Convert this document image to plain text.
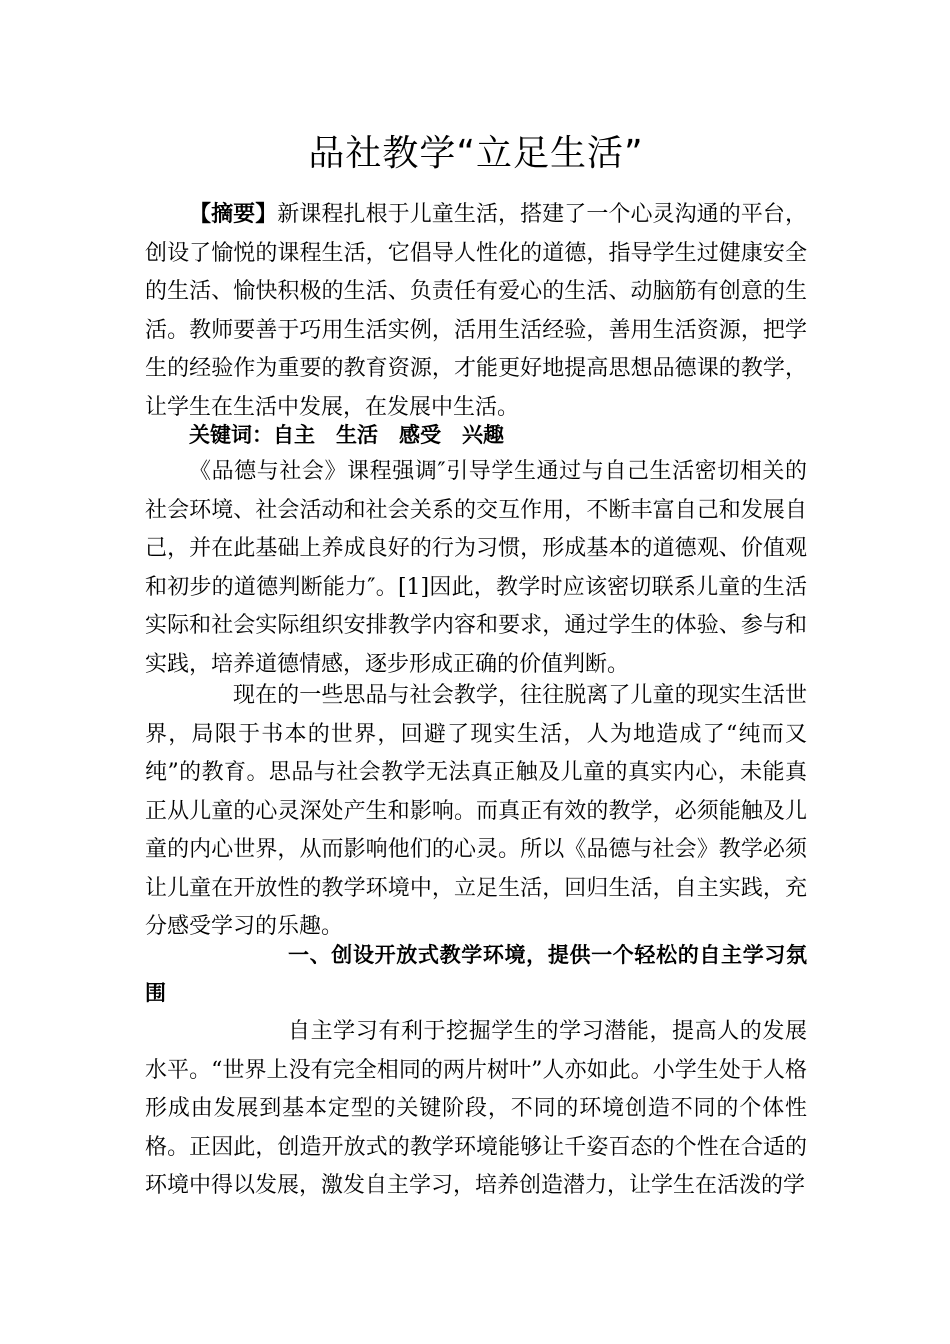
品社教学“立足生活”

【摘要】新课程扎根于儿童生活，搭建了一个心灵沟通的平台，创设了愉悦的课程生活，它倡导人性化的道德，指导学生过健康安全的生活、愉快积极的生活、负责任有爱心的生活、动脑筋有创意的生活。教师要善于巧用生活实例，活用生活经验，善用生活资源，把学生的经验作为重要的教育资源，才能更好地提高思想品德课的教学，让学生在生活中发展，在发展中生活。

关键词：自主　生活　感受　兴趣

《品德与社会》课程强调″引导学生通过与自己生活密切相关的社会环境、社会活动和社会关系的交互作用，不断丰富自己和发展自己，并在此基础上养成良好的行为习惯，形成基本的道德观、价值观和初步的道德判断能力″。[1]因此，教学时应该密切联系儿童的生活实际和社会实际组织安排教学内容和要求，通过学生的体验、参与和实践，培养道德情感，逐步形成正确的价值判断。

现在的一些思品与社会教学，往往脱离了儿童的现实生活世界，局限于书本的世界，回避了现实生活，人为地造成了“纯而又纯”的教育。思品与社会教学无法真正触及儿童的真实内心，未能真正从儿童的心灵深处产生和影响。而真正有效的教学，必须能触及儿童的内心世界，从而影响他们的心灵。所以《品德与社会》教学必须让儿童在开放性的教学环境中，立足生活，回归生活，自主实践，充分感受学习的乐趣。

一、创设开放式教学环境，提供一个轻松的自主学习氛围

自主学习有利于挖掘学生的学习潜能，提高人的发展水平。“世界上没有完全相同的两片树叶”人亦如此。小学生处于人格形成由发展到基本定型的关键阶段，不同的环境创造不同的个体性格。正因此，创造开放式的教学环境能够让千姿百态的个性在合适的环境中得以发展，激发自主学习，培养创造潜力，让学生在活泼的学
